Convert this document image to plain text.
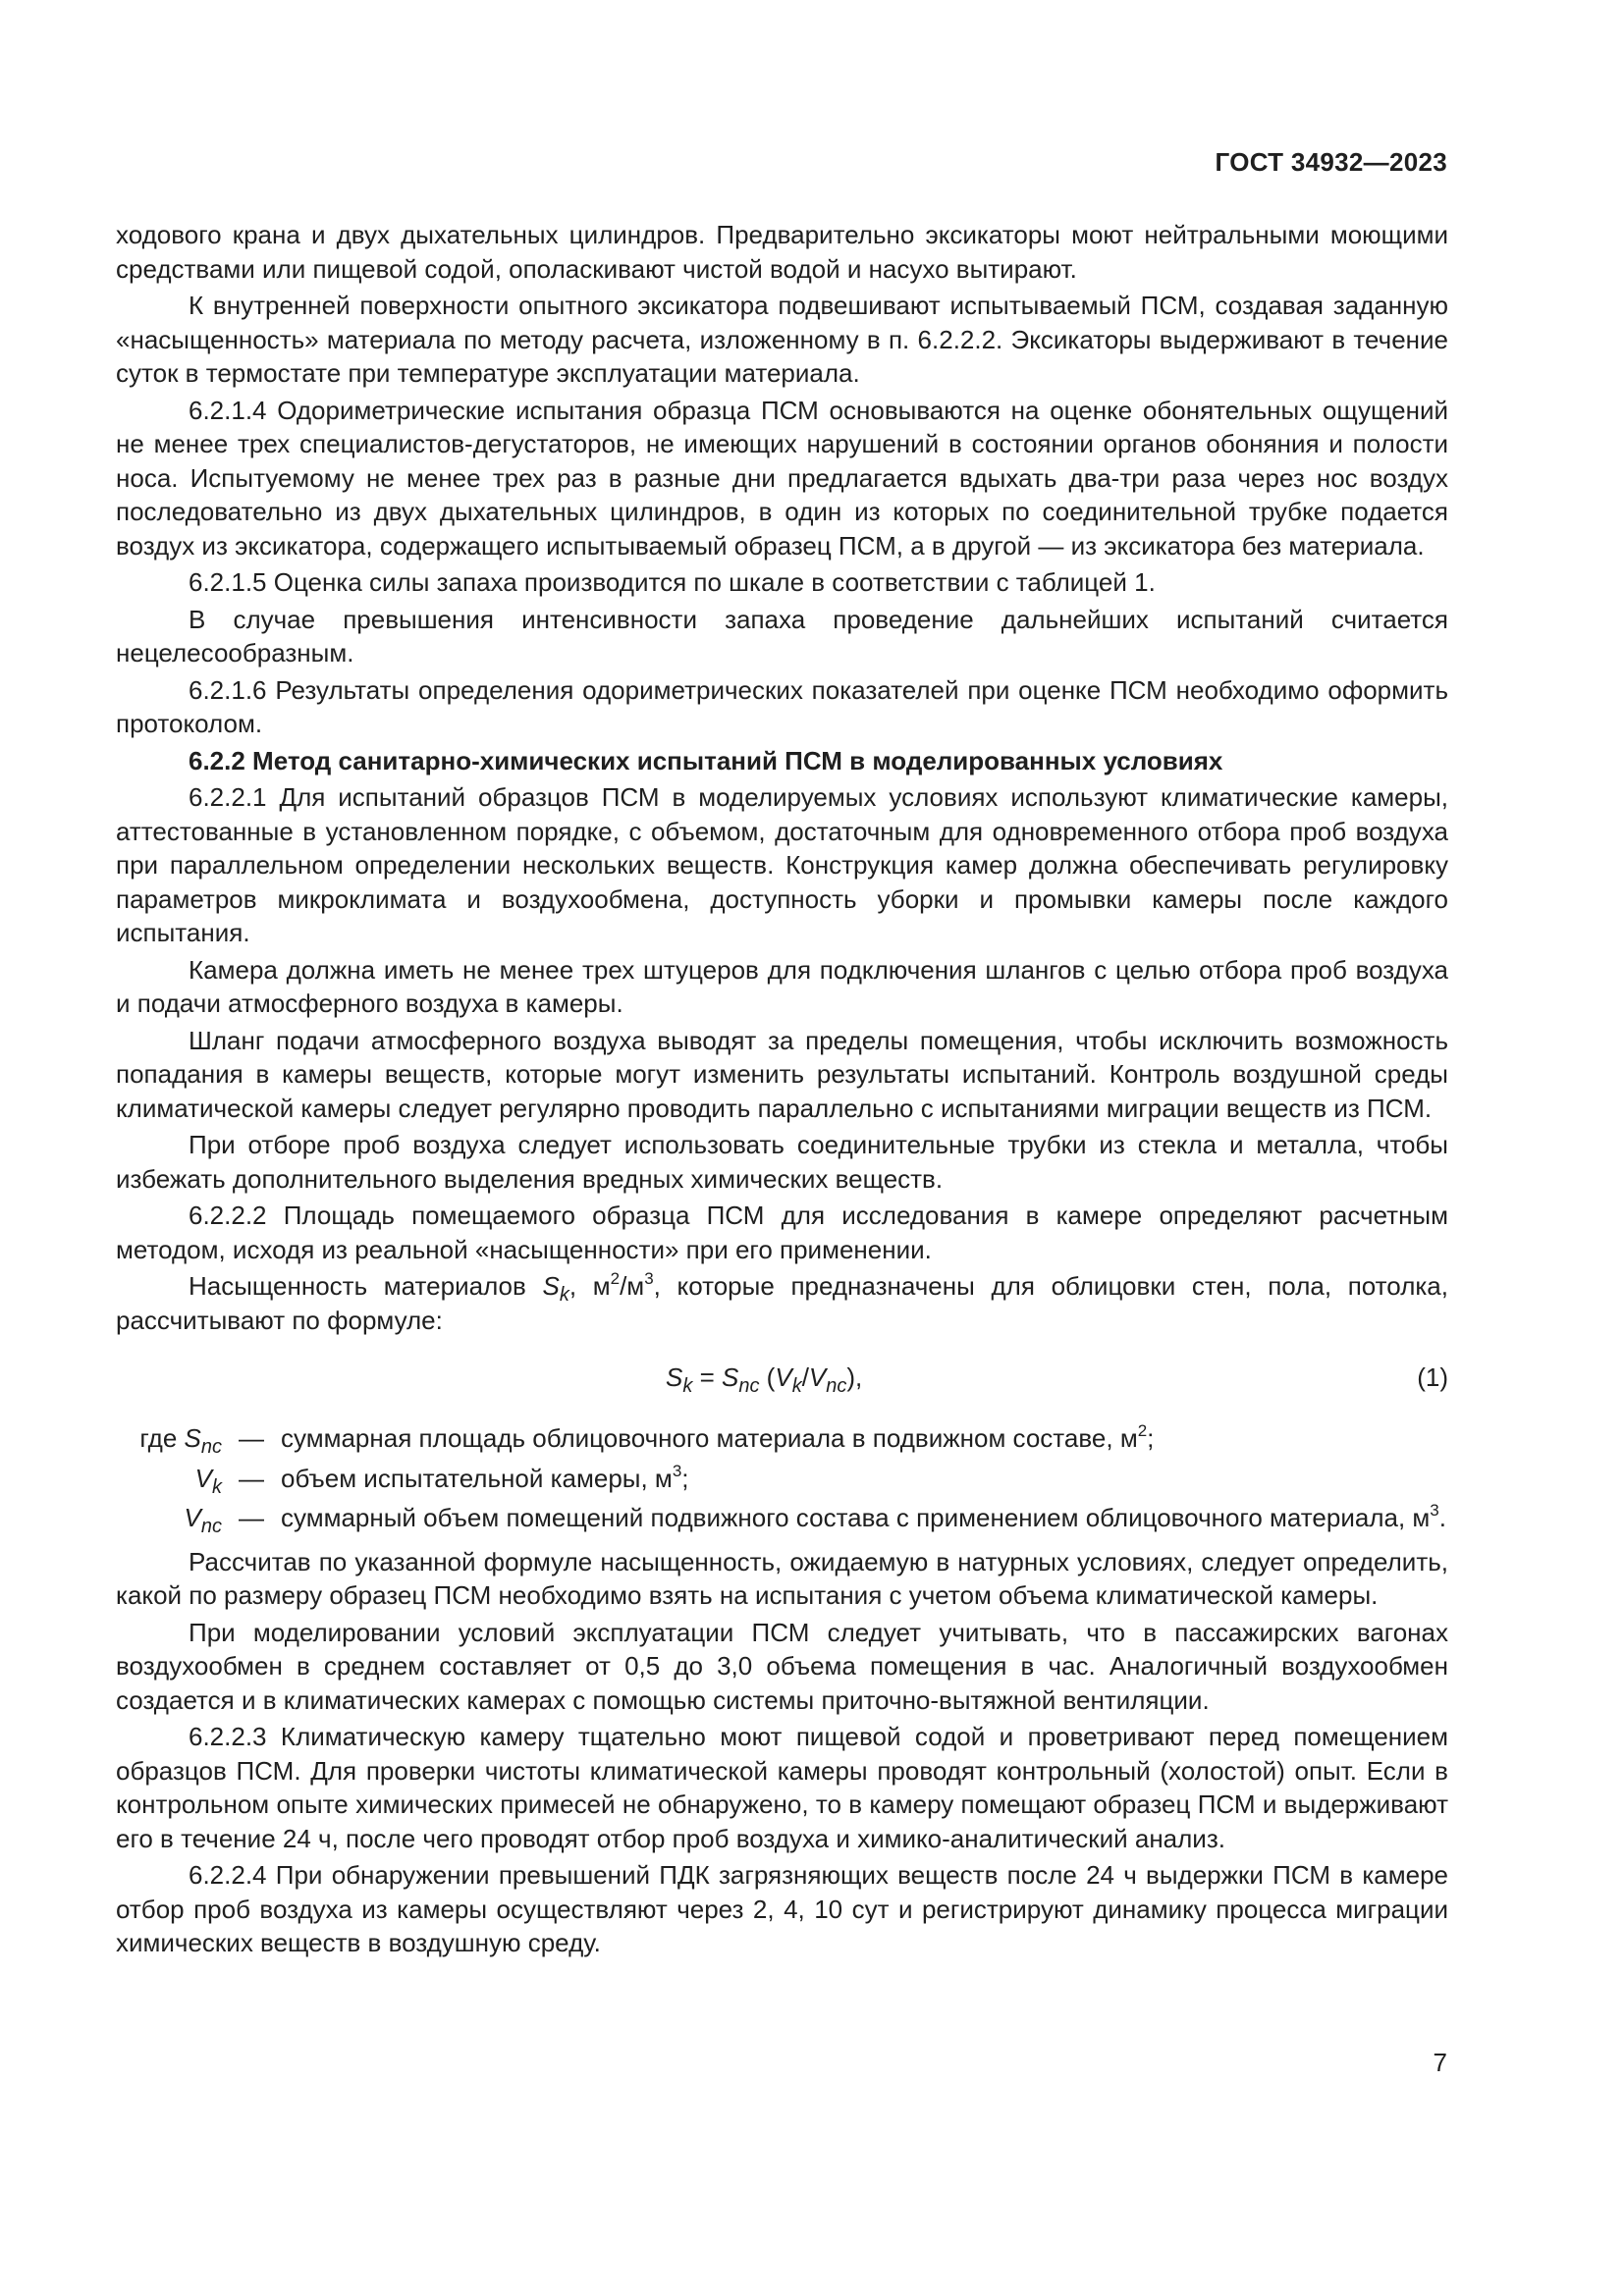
ГОСТ 34932—2023

ходового крана и двух дыхательных цилиндров. Предварительно эксикаторы моют нейтральными моющими средствами или пищевой содой, ополаскивают чистой водой и насухо вытирают.

К внутренней поверхности опытного эксикатора подвешивают испытываемый ПСМ, создавая заданную «насыщенность» материала по методу расчета, изложенному в п. 6.2.2.2. Эксикаторы выдерживают в течение суток в термостате при температуре эксплуатации материала.

6.2.1.4 Одориметрические испытания образца ПСМ основываются на оценке обонятельных ощущений не менее трех специалистов-дегустаторов, не имеющих нарушений в состоянии органов обоняния и полости носа. Испытуемому не менее трех раз в разные дни предлагается вдыхать два-три раза через нос воздух последовательно из двух дыхательных цилиндров, в один из которых по соединительной трубке подается воздух из эксикатора, содержащего испытываемый образец ПСМ, а в другой — из эксикатора без материала.

6.2.1.5 Оценка силы запаха производится по шкале в соответствии с таблицей 1.

В случае превышения интенсивности запаха проведение дальнейших испытаний считается нецелесообразным.

6.2.1.6 Результаты определения одориметрических показателей при оценке ПСМ необходимо оформить протоколом.

6.2.2 Метод санитарно-химических испытаний ПСМ в моделированных условиях

6.2.2.1 Для испытаний образцов ПСМ в моделируемых условиях используют климатические камеры, аттестованные в установленном порядке, с объемом, достаточным для одновременного отбора проб воздуха при параллельном определении нескольких веществ. Конструкция камер должна обеспечивать регулировку параметров микроклимата и воздухообмена, доступность уборки и промывки камеры после каждого испытания.

Камера должна иметь не менее трех штуцеров для подключения шлангов с целью отбора проб воздуха и подачи атмосферного воздуха в камеры.

Шланг подачи атмосферного воздуха выводят за пределы помещения, чтобы исключить возможность попадания в камеры веществ, которые могут изменить результаты испытаний. Контроль воздушной среды климатической камеры следует регулярно проводить параллельно с испытаниями миграции веществ из ПСМ.

При отборе проб воздуха следует использовать соединительные трубки из стекла и металла, чтобы избежать дополнительного выделения вредных химических веществ.

6.2.2.2 Площадь помещаемого образца ПСМ для исследования в камере определяют расчетным методом, исходя из реальной «насыщенности» при его применении.

Насыщенность материалов $S_k$, $м^2/м^3$, которые предназначены для облицовки стен, пола, потолка, рассчитывают по формуле:

$S_k = S_{nc}$ $(V_k/V_{nc})$,	(1)
где $S_{nc}$ — суммарная площадь облицовочного материала в подвижном составе, $м^2$;
$V_k$ — объем испытательной камеры, $м^3$;
$V_{nc}$ — суммарный объем помещений подвижного состава с применением облицовочного материала, $м^3$.

Рассчитав по указанной формуле насыщенность, ожидаемую в натурных условиях, следует определить, какой по размеру образец ПСМ необходимо взять на испытания с учетом объема климатической камеры.

При моделировании условий эксплуатации ПСМ следует учитывать, что в пассажирских вагонах воздухообмен в среднем составляет от 0,5 до 3,0 объема помещения в час. Аналогичный воздухообмен создается и в климатических камерах с помощью системы приточно-вытяжной вентиляции.

6.2.2.3 Климатическую камеру тщательно моют пищевой содой и проветривают перед помещением образцов ПСМ. Для проверки чистоты климатической камеры проводят контрольный (холостой) опыт. Если в контрольном опыте химических примесей не обнаружено, то в камеру помещают образец ПСМ и выдерживают его в течение 24 ч, после чего проводят отбор проб воздуха и химико-аналитический анализ.

6.2.2.4 При обнаружении превышений ПДК загрязняющих веществ после 24 ч выдержки ПСМ в камере отбор проб воздуха из камеры осуществляют через 2, 4, 10 сут и регистрируют динамику процесса миграции химических веществ в воздушную среду.

7
